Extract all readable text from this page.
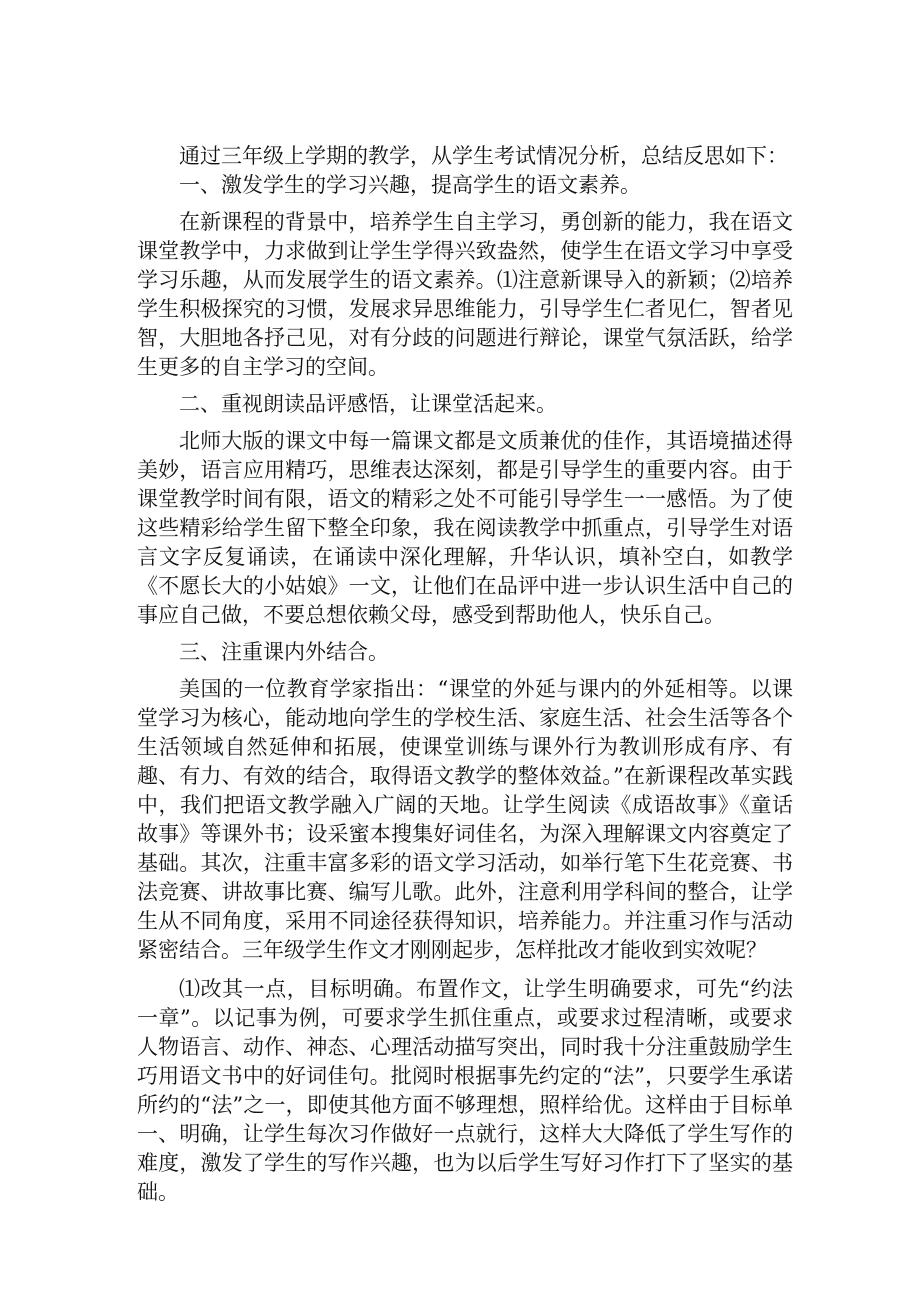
通过三年级上学期的教学，从学生考试情况分析，总结反思如下：

一、激发学生的学习兴趣，提高学生的语文素养。

在新课程的背景中，培养学生自主学习，勇创新的能力，我在语文课堂教学中，力求做到让学生学得兴致盎然，使学生在语文学习中享受学习乐趣，从而发展学生的语文素养。⑴注意新课导入的新颖；⑵培养学生积极探究的习惯，发展求异思维能力，引导学生仁者见仁，智者见智，大胆地各抒己见，对有分歧的问题进行辩论，课堂气氛活跃，给学生更多的自主学习的空间。

二、重视朗读品评感悟，让课堂活起来。

北师大版的课文中每一篇课文都是文质兼优的佳作，其语境描述得美妙，语言应用精巧，思维表达深刻，都是引导学生的重要内容。由于课堂教学时间有限，语文的精彩之处不可能引导学生一一感悟。为了使这些精彩给学生留下整全印象，我在阅读教学中抓重点，引导学生对语言文字反复诵读，在诵读中深化理解，升华认识，填补空白，如教学《不愿长大的小姑娘》一文，让他们在品评中进一步认识生活中自己的事应自己做，不要总想依赖父母，感受到帮助他人，快乐自己。

三、注重课内外结合。

美国的一位教育学家指出：“课堂的外延与课内的外延相等。以课堂学习为核心，能动地向学生的学校生活、家庭生活、社会生活等各个生活领域自然延伸和拓展，使课堂训练与课外行为教训形成有序、有趣、有力、有效的结合，取得语文教学的整体效益。”在新课程改革实践中，我们把语文教学融入广阔的天地。让学生阅读《成语故事》《童话故事》等课外书；设采蜜本搜集好词佳名，为深入理解课文内容奠定了基础。其次，注重丰富多彩的语文学习活动，如举行笔下生花竞赛、书法竞赛、讲故事比赛、编写儿歌。此外，注意利用学科间的整合，让学生从不同角度，采用不同途径获得知识，培养能力。并注重习作与活动紧密结合。三年级学生作文才刚刚起步，怎样批改才能收到实效呢？

⑴改其一点，目标明确。布置作文，让学生明确要求，可先“约法一章”。以记事为例，可要求学生抓住重点，或要求过程清晰，或要求人物语言、动作、神态、心理活动描写突出，同时我十分注重鼓励学生巧用语文书中的好词佳句。批阅时根据事先约定的“法”，只要学生承诺所约的“法”之一，即使其他方面不够理想，照样给优。这样由于目标单一、明确，让学生每次习作做好一点就行，这样大大降低了学生写作的难度，激发了学生的写作兴趣，也为以后学生写好习作打下了坚实的基础。
